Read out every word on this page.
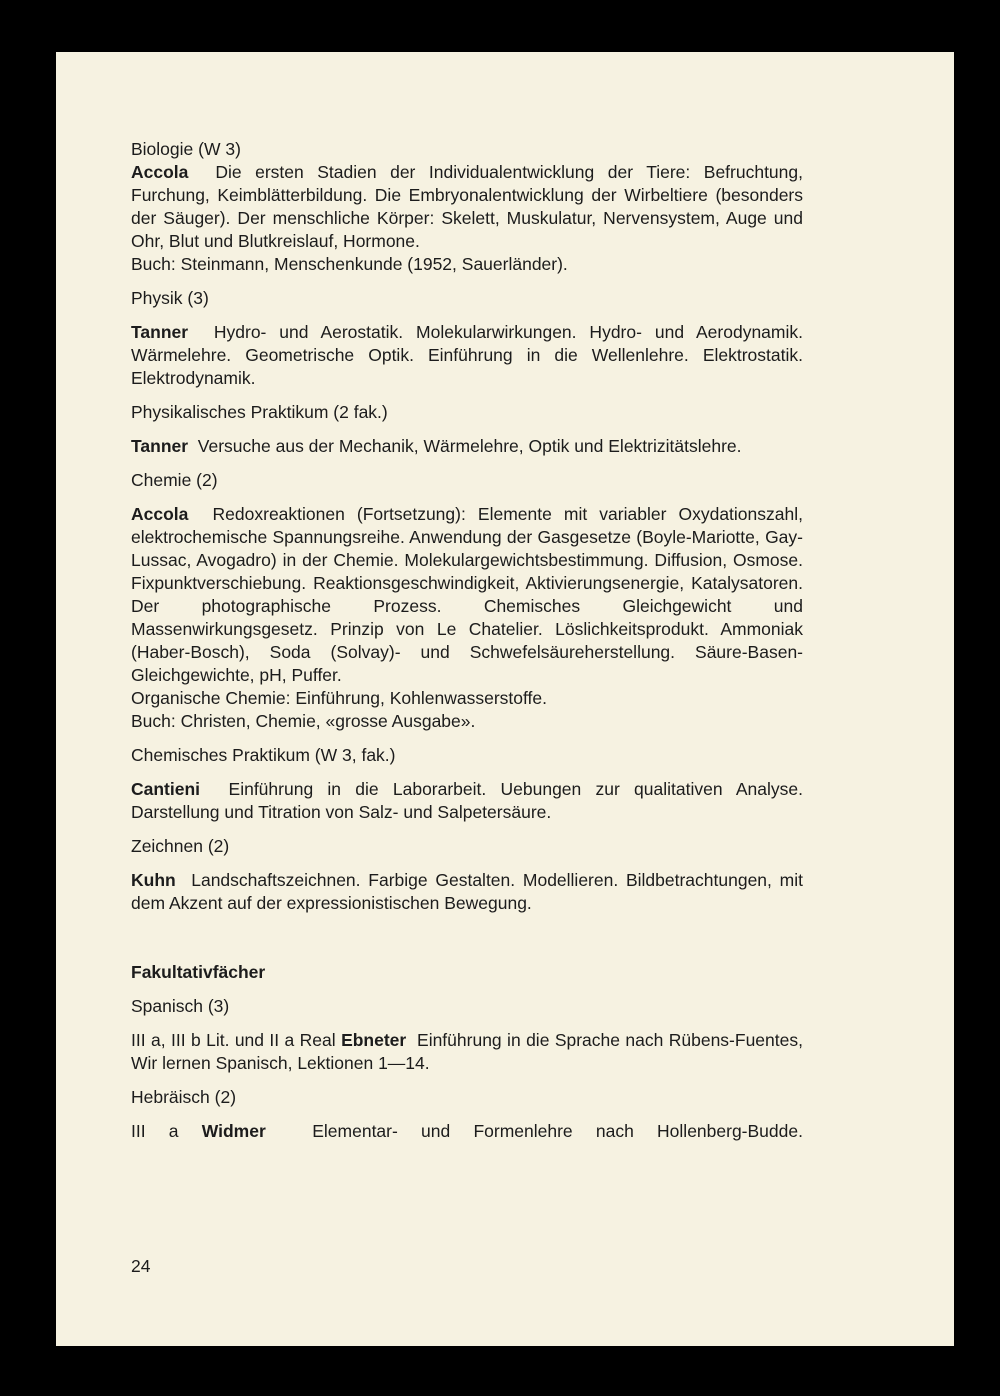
Biologie (W 3)

Accola Die ersten Stadien der Individualentwicklung der Tiere: Befruchtung, Furchung, Keimblätterbildung. Die Embryonalentwicklung der Wirbeltiere (besonders der Säuger). Der menschliche Körper: Skelett, Muskulatur, Nervensystem, Auge und Ohr, Blut und Blutkreislauf, Hormone.

Buch: Steinmann, Menschenkunde (1952, Sauerländer).

Physik (3)

Tanner Hydro- und Aerostatik. Molekularwirkungen. Hydro- und Aerodynamik. Wärmelehre. Geometrische Optik. Einführung in die Wellenlehre. Elektrostatik. Elektrodynamik.

Physikalisches Praktikum (2 fak.)

Tanner Versuche aus der Mechanik, Wärmelehre, Optik und Elektrizitätslehre.

Chemie (2)

Accola Redoxreaktionen (Fortsetzung): Elemente mit variabler Oxydationszahl, elektrochemische Spannungsreihe. Anwendung der Gasgesetze (Boyle-Mariotte, Gay-Lussac, Avogadro) in der Chemie. Molekulargewichtsbestimmung. Diffusion, Osmose. Fixpunktverschiebung. Reaktionsgeschwindigkeit, Aktivierungsenergie, Katalysatoren. Der photographische Prozess. Chemisches Gleichgewicht und Massenwirkungsgesetz. Prinzip von Le Chatelier. Löslichkeitsprodukt. Ammoniak (Haber-Bosch), Soda (Solvay)- und Schwefelsäureherstellung. Säure-Basen-Gleichgewichte, pH, Puffer.

Organische Chemie: Einführung, Kohlenwasserstoffe.

Buch: Christen, Chemie, «grosse Ausgabe».

Chemisches Praktikum (W 3, fak.)

Cantieni Einführung in die Laborarbeit. Uebungen zur qualitativen Analyse. Darstellung und Titration von Salz- und Salpetersäure.

Zeichnen (2)

Kuhn Landschaftszeichnen. Farbige Gestalten. Modellieren. Bildbetrachtungen, mit dem Akzent auf der expressionistischen Bewegung.

Fakultativfächer

Spanisch (3)

III a, III b Lit. und II a Real Ebneter Einführung in die Sprache nach Rübens-Fuentes, Wir lernen Spanisch, Lektionen 1—14.

Hebräisch (2)

III a Widmer	Elementar- und Formenlehre nach Hollenberg-Budde.

24
